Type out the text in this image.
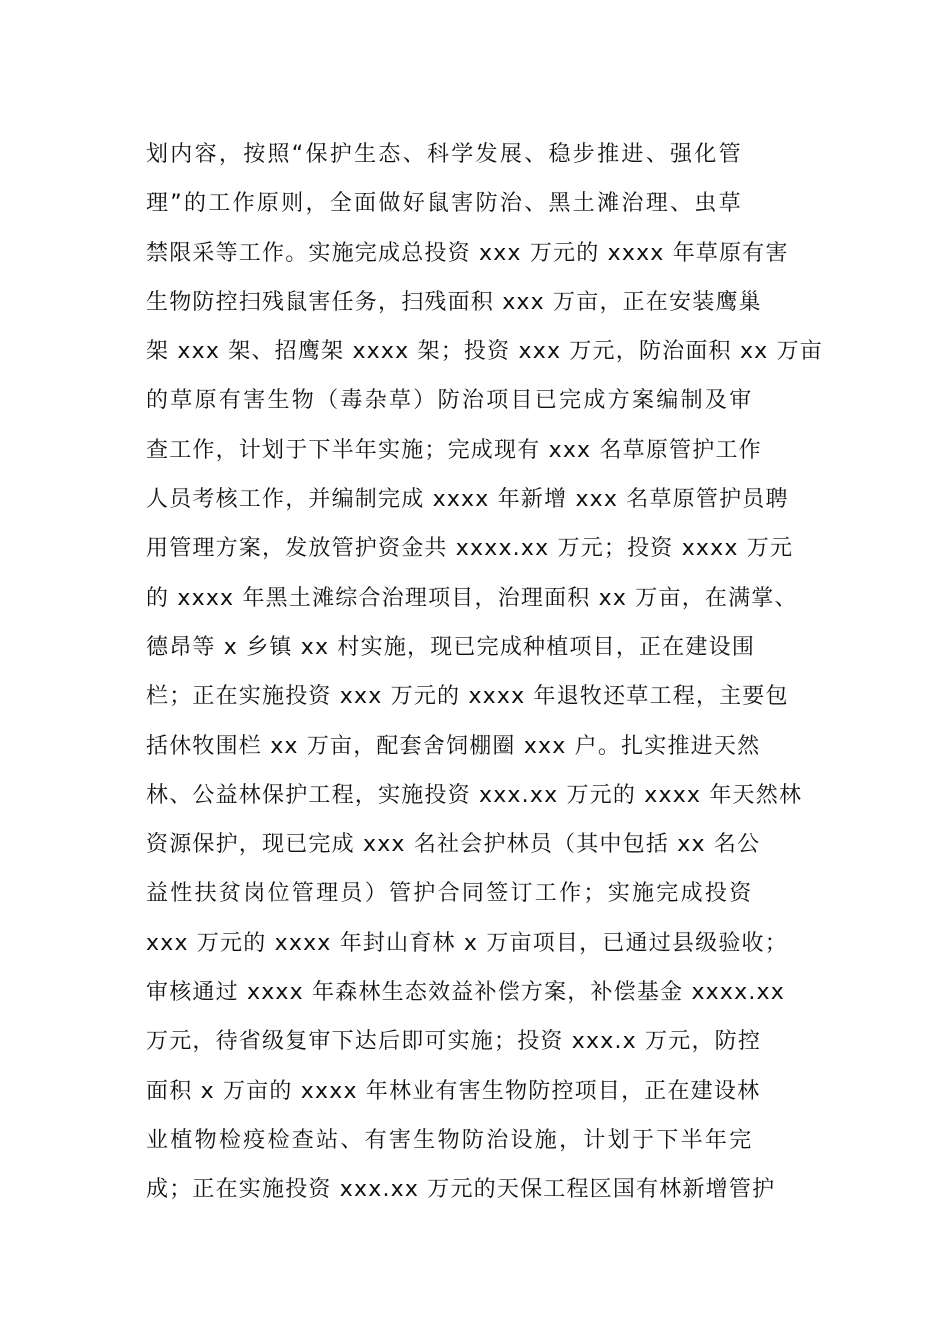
划内容，按照“保护生态、科学发展、稳步推进、强化管
理”的工作原则，全面做好鼠害防治、黑土滩治理、虫草
禁限采等工作。实施完成总投资 xxx 万元的 xxxx 年草原有害
生物防控扫残鼠害任务，扫残面积 xxx 万亩，正在安装鹰巢
架 xxx 架、招鹰架 xxxx 架；投资 xxx 万元，防治面积 xx 万亩
的草原有害生物（毒杂草）防治项目已完成方案编制及审
查工作，计划于下半年实施；完成现有 xxx 名草原管护工作
人员考核工作，并编制完成 xxxx 年新增 xxx 名草原管护员聘
用管理方案，发放管护资金共 xxxx.xx 万元；投资 xxxx 万元
的 xxxx 年黑土滩综合治理项目，治理面积 xx 万亩，在满掌、
德昂等 x 乡镇 xx 村实施，现已完成种植项目，正在建设围
栏；正在实施投资 xxx 万元的 xxxx 年退牧还草工程，主要包
括休牧围栏 xx 万亩，配套舍饲棚圈 xxx 户。扎实推进天然
林、公益林保护工程，实施投资 xxx.xx 万元的 xxxx 年天然林
资源保护，现已完成 xxx 名社会护林员（其中包括 xx 名公
益性扶贫岗位管理员）管护合同签订工作；实施完成投资
xxx 万元的 xxxx 年封山育林 x 万亩项目，已通过县级验收；
审核通过 xxxx 年森林生态效益补偿方案，补偿基金 xxxx.xx
万元，待省级复审下达后即可实施；投资 xxx.x 万元，防控
面积 x 万亩的 xxxx 年林业有害生物防控项目，正在建设林
业植物检疫检查站、有害生物防治设施，计划于下半年完
成；正在实施投资 xxx.xx 万元的天保工程区国有林新增管护
